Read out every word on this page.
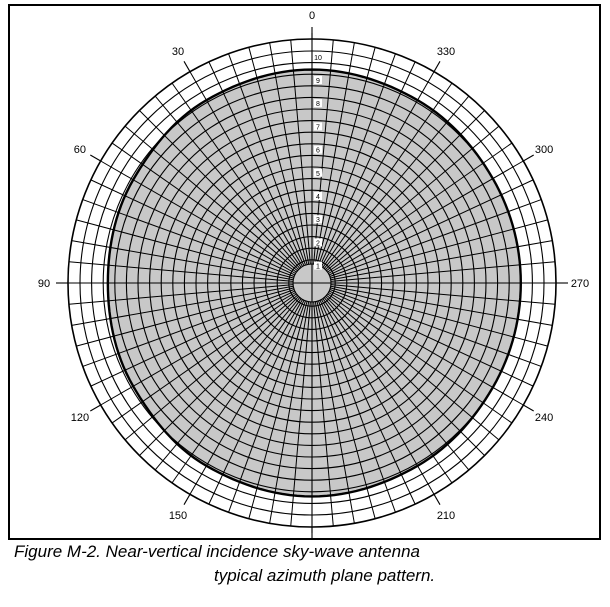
0
30
60
90
120
150	210
240
270
300
330
1
2
3
4
5
6
7
8
9
10
Figure M-2. Near-vertical incidence sky-wave antenna
typical azimuth plane pattern.
